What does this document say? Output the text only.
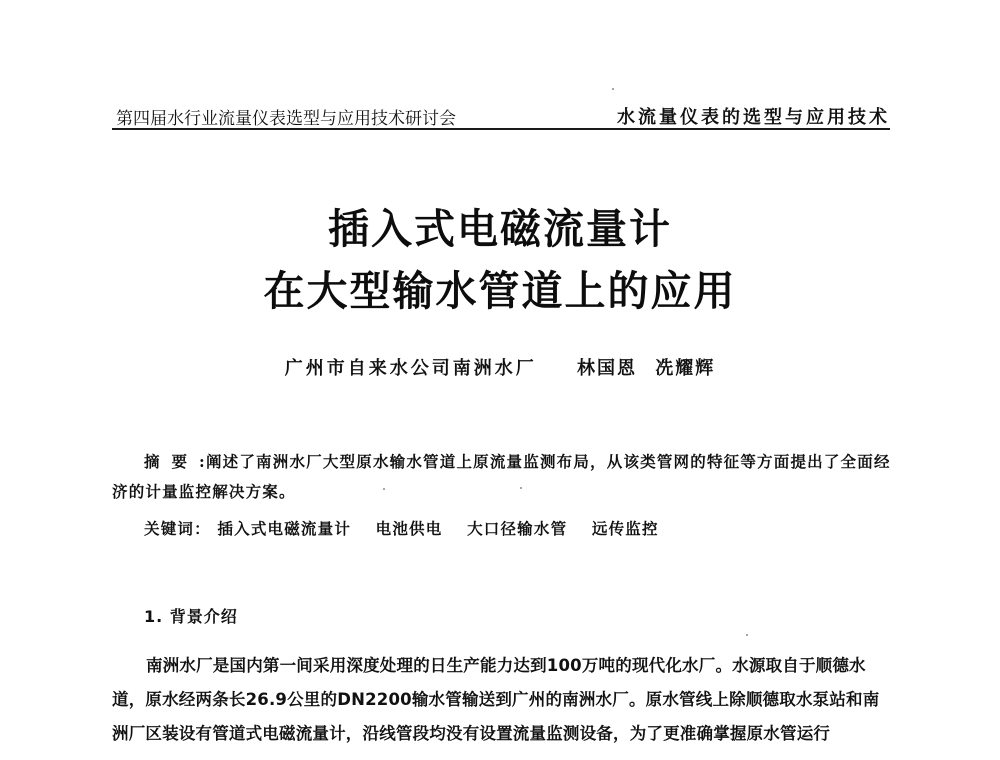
第四届水行业流量仪表选型与应用技术研讨会	水流量仪表的选型与应用技术
插入式电磁流量计
在大型输水管道上的应用
广州市自来水公司南洲水厂 林国恩 冼耀辉
摘要:阐述了南洲水厂大型原水输水管道上原流量监测布局，从该类管网的特征等方面提出了全面经济的计量监控解决方案。
关键词： 插入式电磁流量计 电池供电 大口径输水管 远传监控
1. 背景介绍
南洲水厂是国内第一间采用深度处理的日生产能力达到100万吨的现代化水厂。水源取自于顺德水道，原水经两条长26.9公里的DN2200输水管输送到广州的南洲水厂。原水管线上除顺德取水泵站和南洲厂区装设有管道式电磁流量计，沿线管段均没有设置流量监测设备，为了更准确掌握原水管运行
